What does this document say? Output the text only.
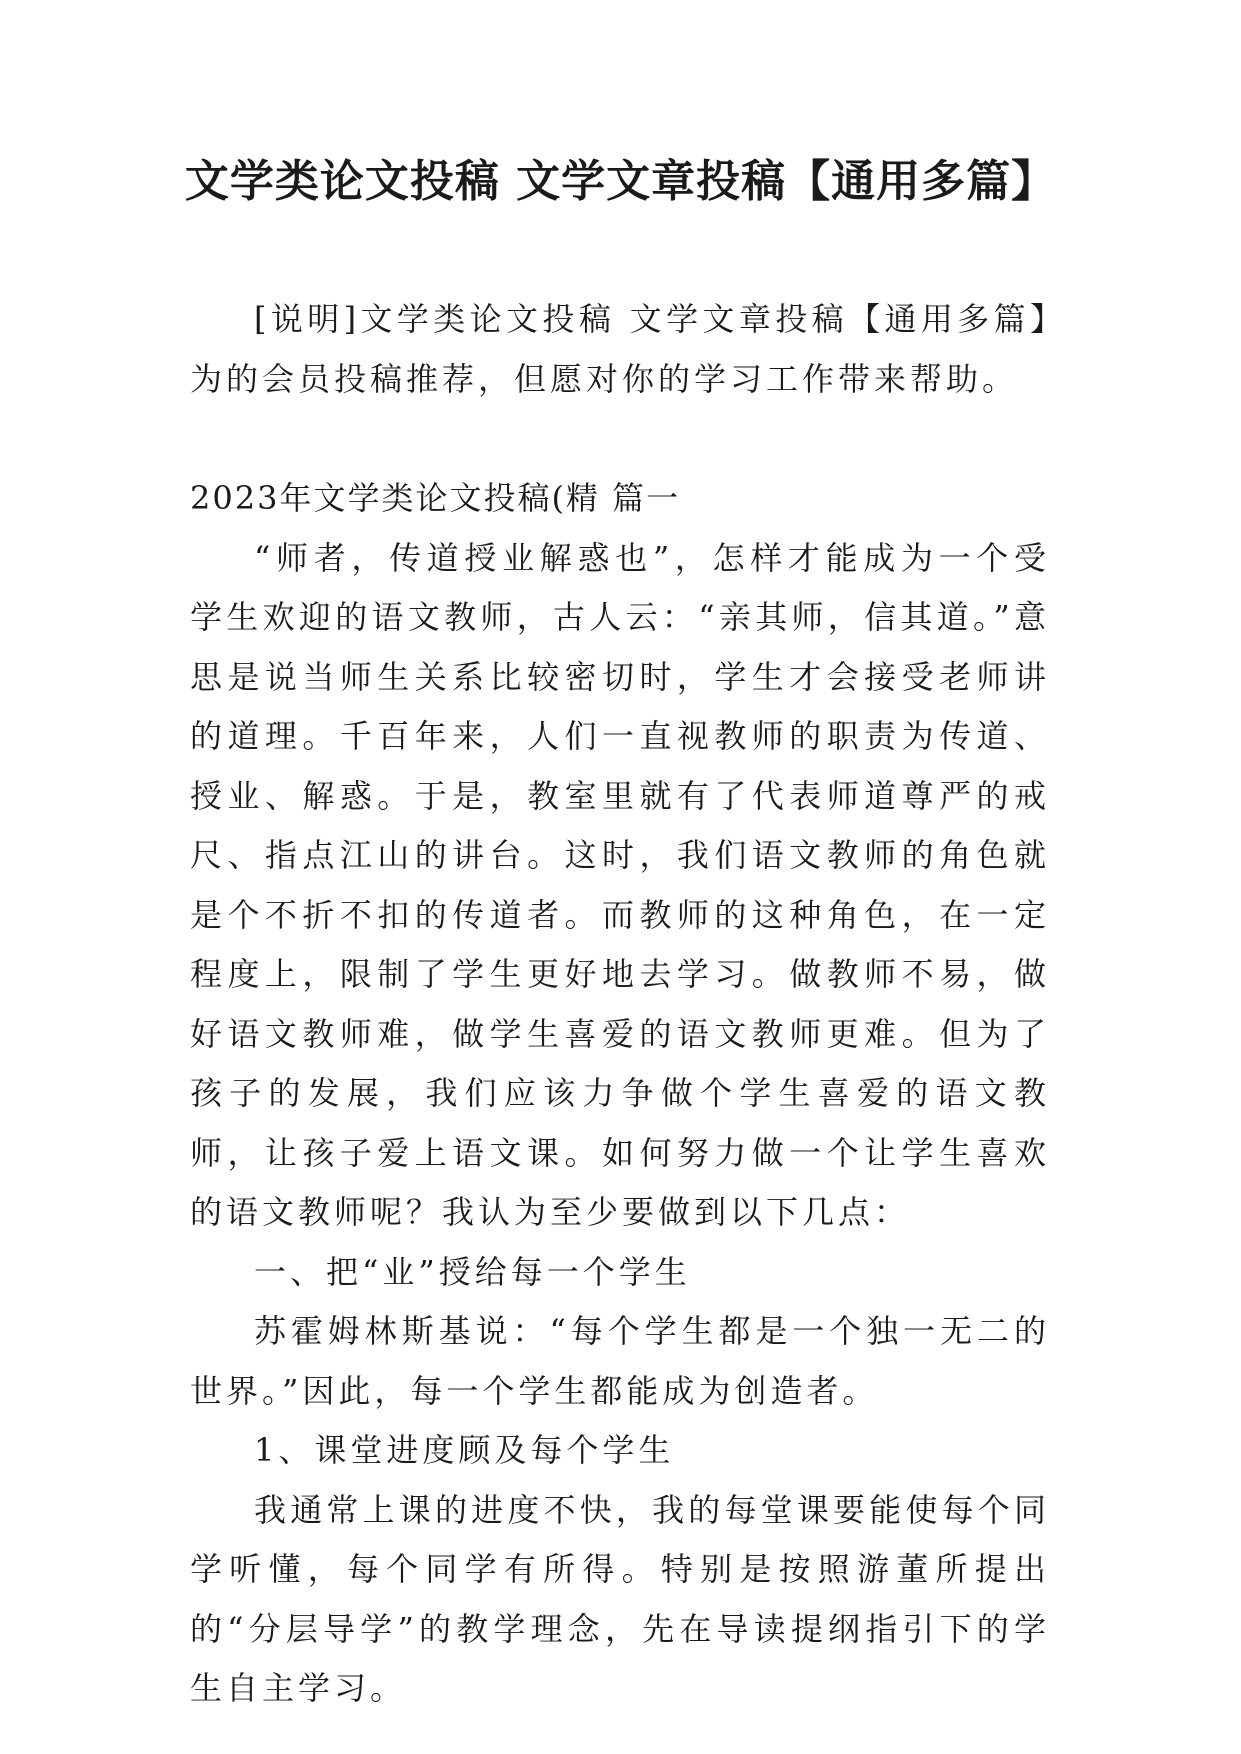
文学类论文投稿 文学文章投稿【通用多篇】

[说明]文学类论文投稿 文学文章投稿【通用多篇】为的会员投稿推荐，但愿对你的学习工作带来帮助。

2023年文学类论文投稿(精 篇一

“师者，传道授业解惑也”，怎样才能成为一个受学生欢迎的语文教师，古人云：“亲其师，信其道。”意思是说当师生关系比较密切时，学生才会接受老师讲的道理。千百年来，人们一直视教师的职责为传道、授业、解惑。于是，教室里就有了代表师道尊严的戒尺、指点江山的讲台。这时，我们语文教师的角色就是个不折不扣的传道者。而教师的这种角色，在一定程度上，限制了学生更好地去学习。做教师不易，做好语文教师难，做学生喜爱的语文教师更难。但为了孩子的发展，我们应该力争做个学生喜爱的语文教师，让孩子爱上语文课。如何努力做一个让学生喜欢的语文教师呢？我认为至少要做到以下几点：

一、把“业”授给每一个学生

苏霍姆林斯基说：“每个学生都是一个独一无二的世界。”因此，每一个学生都能成为创造者。

1、课堂进度顾及每个学生

我通常上课的进度不快，我的每堂课要能使每个同学听懂，每个同学有所得。特别是按照游董所提出的“分层导学”的教学理念，先在导读提纲指引下的学生自主学习。
